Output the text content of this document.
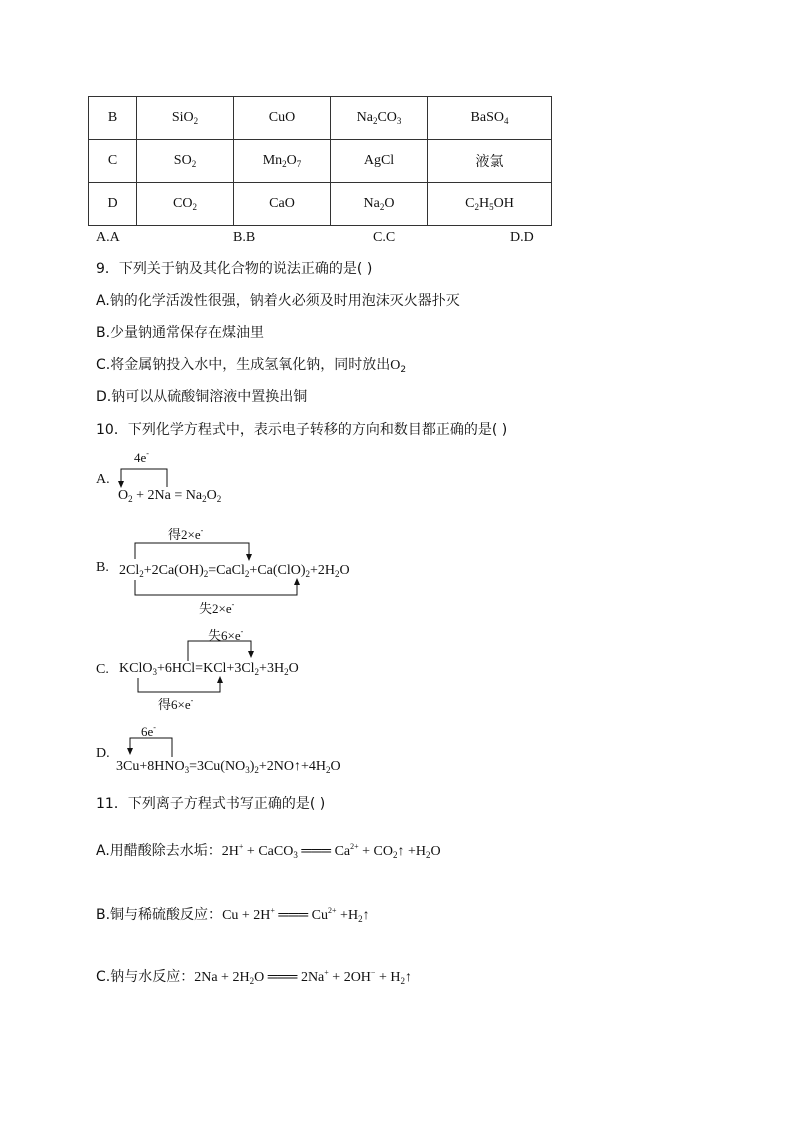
B	SiO$_2$	CuO	$Na_2CO_3$	BaSO$_4$
C	$SO_2$	$Mn_2O_7$	AgCl	液氯
D	$CO_2$	CaO	$Na_2O$	$C_2H_5OH$
A.A	B.B	C.C	D.D
9．下列关于钠及其化合物的说法正确的是( )
A.钠的化学活泼性很强，钠着火必须及时用泡沫灭火器扑灭
B.少量钠通常保存在煤油里
C.将金属钠投入水中，生成氢氧化钠，同时放出$O_2$
D.钠可以从硫酸铜溶液中置换出铜
10．下列化学方程式中，表示电子转移的方向和数目都正确的是( )
4e-
A.
$O_2 + 2Na = Na_2O_2$
得2×e-
B. $2Cl_2+2Ca(OH)_2=CaCl_2+Ca(ClO)_2+2H_2O$
失2×e-
失6×e-
C. $KClO_3+6HCl=KCl+3Cl_2+3H_2O$
得6×e-
6e-
D.
$3Cu+8HNO_3=3Cu(NO_3)_2+2NO↑+4H_2O$
11．下列离子方程式书写正确的是( )
A.用醋酸除去水垢：2H+ + CaCO$_3$ ═══ $Ca^{2+}$ + $CO_2↑ +H_2O$
B.铜与稀硫酸反应：Cu + 2H+ ═══ $Cu^{2+}$ $+H_2↑$
C.钠与水反应：$2Na + 2H_2O$ ═══ $2Na^+ + 2OH^- + H_2↑$
